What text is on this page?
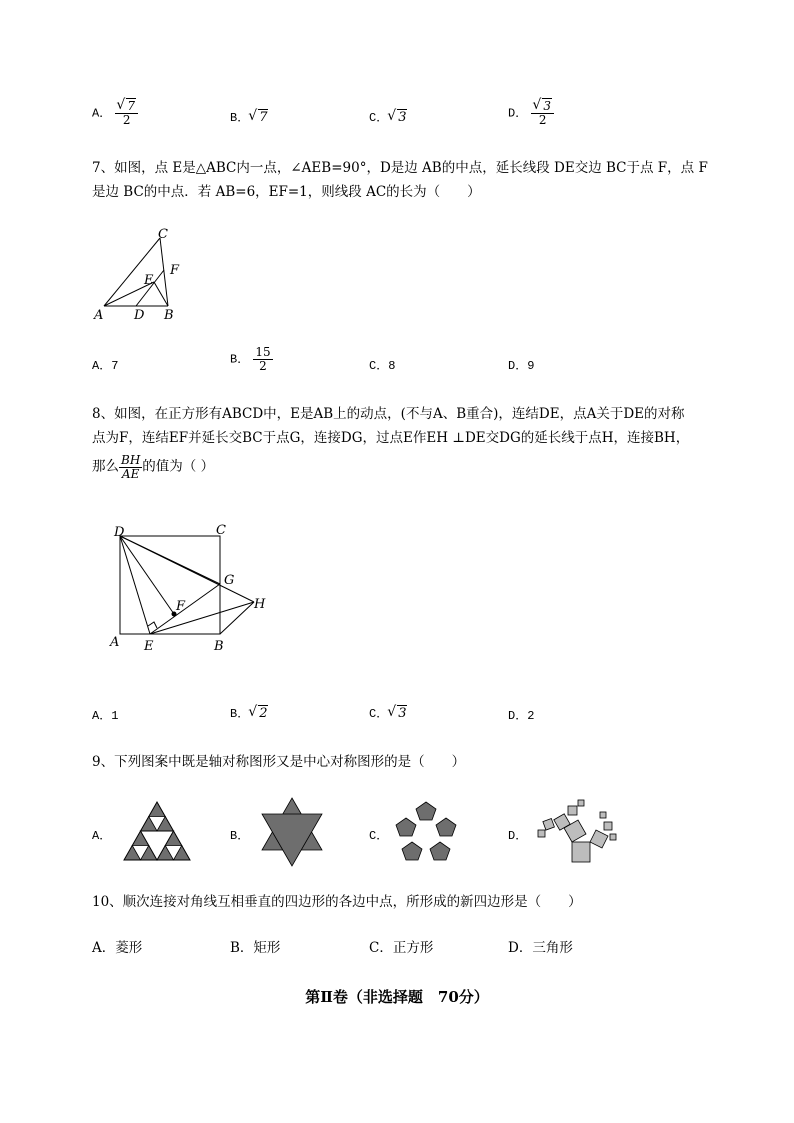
A． √ $\frac{7}{2}$	B． √ 7	C． √ 3	D． √ $\frac{3}{2}$
7、如图，点 E是△ABC内一点，∠AEB=90°，D是边 AB的中点，延长线段 DE交边 BC于点 F，点 F
是边 BC的中点．若 AB=6，EF=1，则线段 AC的长为（　　）
A D B
C
E
F
A．7	B． $\frac{15}{2}$	C．8	D．9
8、如图，在正方形有ABCD中，E是AB上的动点，(不与A、B重合)，连结DE，点A关于DE的对称
点为F，连结EF并延长交BC于点G，连接DG，过点E作EH ⊥DE交DG的延长线于点H，连接BH，
那么 $\frac{BH}{AE}$ 的值为（ ）
D	C
G
H
F
A E	B
A．1	B． √ 2	C． √ 3	D．2
9、下列图案中既是轴对称图形又是中心对称图形的是（　　）
A．	B．	C．	D．
10、顺次连接对角线互相垂直的四边形的各边中点，所形成的新四边形是（　　）
A．菱形	B．矩形	C．正方形	D．三角形
第Ⅱ卷（非选择题　70分）
